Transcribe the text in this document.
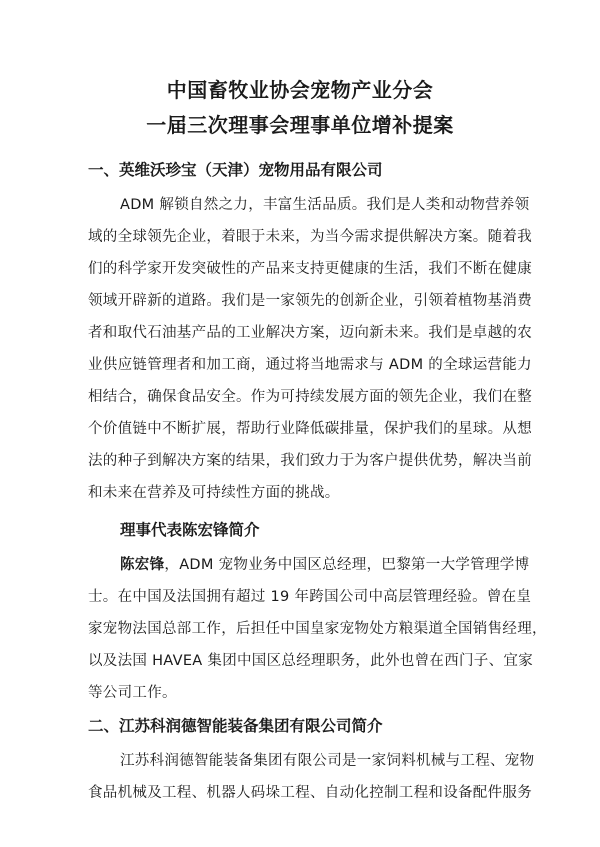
中国畜牧业协会宠物产业分会
一届三次理事会理事单位增补提案
一、英维沃珍宝（天津）宠物用品有限公司
ADM 解锁自然之力，丰富生活品质。我们是人类和动物营养领
域的全球领先企业，着眼于未来，为当今需求提供解决方案。随着我
们的科学家开发突破性的产品来支持更健康的生活，我们不断在健康
领域开辟新的道路。我们是一家领先的创新企业，引领着植物基消费
者和取代石油基产品的工业解决方案，迈向新未来。我们是卓越的农
业供应链管理者和加工商，通过将当地需求与 ADM 的全球运营能力
相结合，确保食品安全。作为可持续发展方面的领先企业，我们在整
个价值链中不断扩展，帮助行业降低碳排量，保护我们的星球。从想
法的种子到解决方案的结果，我们致力于为客户提供优势，解决当前
和未来在营养及可持续性方面的挑战。
理事代表陈宏锋简介
陈宏锋，ADM 宠物业务中国区总经理，巴黎第一大学管理学博
士。在中国及法国拥有超过 19 年跨国公司中高层管理经验。曾在皇
家宠物法国总部工作，后担任中国皇家宠物处方粮渠道全国销售经理，
以及法国 HAVEA 集团中国区总经理职务，此外也曾在西门子、宜家
等公司工作。
二、江苏科润德智能装备集团有限公司简介
江苏科润德智能装备集团有限公司是一家饲料机械与工程、宠物
食品机械及工程、机器人码垛工程、自动化控制工程和设备配件服务
